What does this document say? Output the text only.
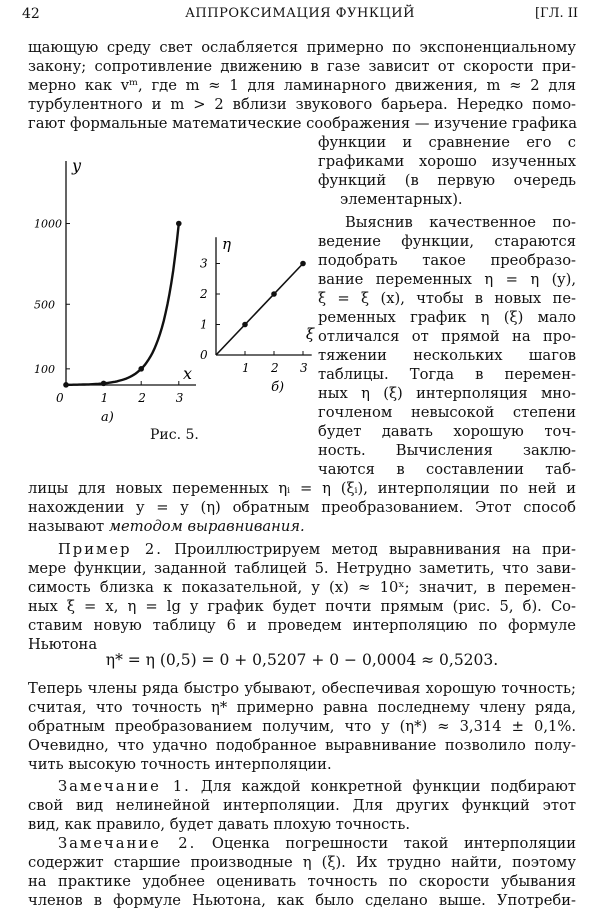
42	АППРОКСИМАЦИЯ ФУНКЦИЙ	[ГЛ. II
щающую среду свет ослабляется примерно по экспоненциальному
закону; сопротивление движению в газе зависит от скорости при-
мерно как vᵐ, где m ≈ 1 для ламинарного движения, m ≈ 2 для
турбулентного и m > 2 вблизи звукового барьера. Нередко помо-
гают формальные математические соображения — изучение графика
функции и сравнение его с
графиками хорошо изученных
функций (в первую очередь
элементарных).
Выяснив качественное по-
ведение функции, стараются
подобрать такое преобразо-
вание переменных η = η (y),
ξ = ξ (x), чтобы в новых пе-
ременных график η (ξ) мало
отличался от прямой на про-
тяжении нескольких шагов
таблицы. Тогда в перемен-
ных η (ξ) интерполяция мно-
гочленом невысокой степени
будет давать хорошую точ-
ность. Вычисления заклю-
чаются в составлении таб-
0	1 2 3
100
500
1000
x
y
а)
1 2 3
0
1
2
3
ξ
η
б)
Рис. 5.
лицы для новых переменных ηᵢ = η (ξᵢ), интерполяции по ней и
нахождении y = y (η) обратным преобразованием. Этот способ
называют методом выравнивания.
Пример 2. Проиллюстрируем метод выравнивания на при-
мере функции, заданной таблицей 5. Нетрудно заметить, что зави-
симость близка к показательной, y (x) ≈ 10ˣ; значит, в перемен-
ных ξ = x, η = lg y график будет почти прямым (рис. 5, б). Со-
ставим новую таблицу 6 и проведем интерполяцию по формуле
Ньютона
η* = η (0,5) = 0 + 0,5207 + 0 − 0,0004 ≈ 0,5203.
Теперь члены ряда быстро убывают, обеспечивая хорошую точность;
считая, что точность η* примерно равна последнему члену ряда,
обратным преобразованием получим, что y (η*) ≈ 3,314 ± 0,1%.
Очевидно, что удачно подобранное выравнивание позволило полу-
чить высокую точность интерполяции.
Замечание 1. Для каждой конкретной функции подбирают
свой вид нелинейной интерполяции. Для других функций этот
вид, как правило, будет давать плохую точность.
Замечание 2. Оценка погрешности такой интерполяции
содержит старшие производные η (ξ). Их трудно найти, поэтому
на практике удобнее оценивать точность по скорости убывания
членов в формуле Ньютона, как было сделано выше. Употреби-
